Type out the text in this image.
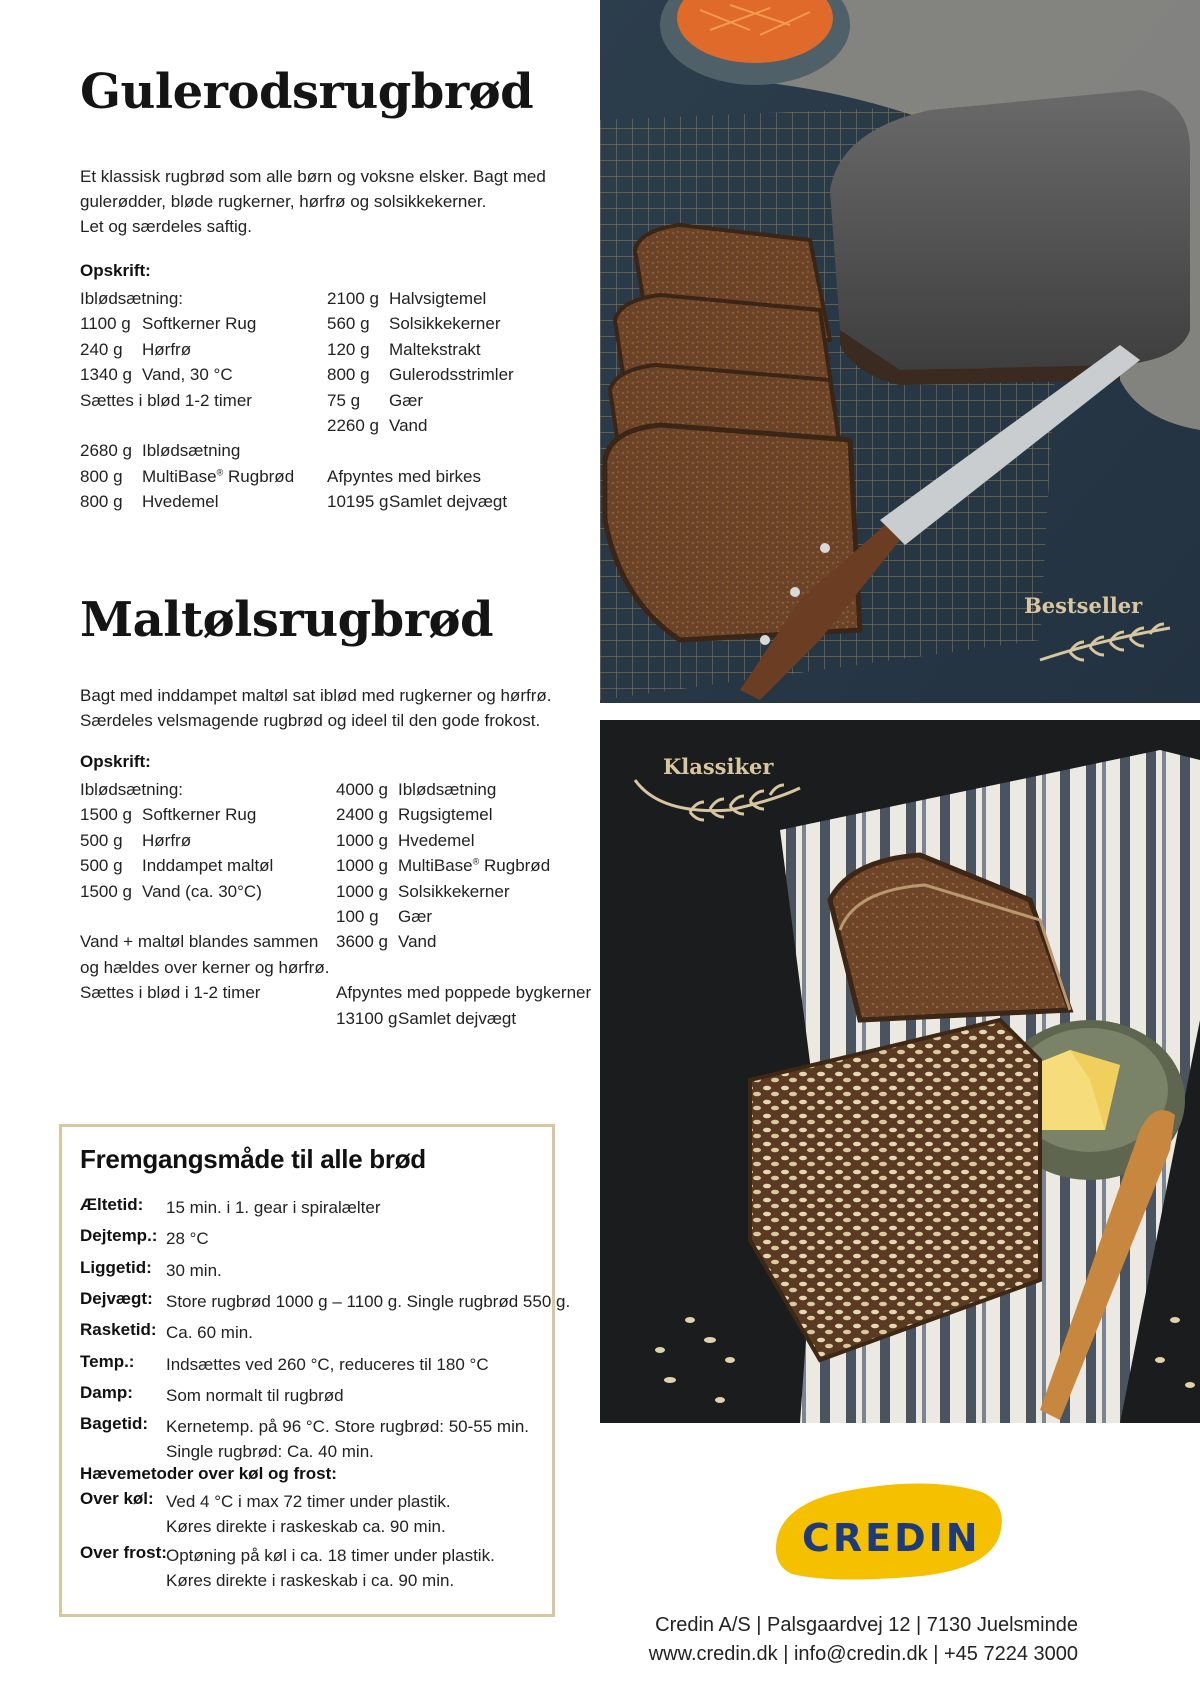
Gulerodsrugbrød
Et klassisk rugbrød som alle børn og voksne elsker. Bagt med
gulerødder, bløde rugkerner, hørfrø og solsikkekerner.
Let og særdeles saftig.
Opskrift:
Iblødsætning:
1100 g Softkerner Rug
240 g	Hørfrø
1340 g Vand, 30 °C
Sættes i blød 1-2 timer
2680 g Iblødsætning
800 g	MultiBase® Rugbrød
800 g	Hvedemel
2100 g Halvsigtemel
560 g	Solsikkekerner
120 g	Maltekstrakt
800 g	Gulerodsstrimler
75 g	Gær
2260 g Vand
Afpyntes med birkes
10195 g Samlet dejvægt
Maltølsrugbrød
Bagt med inddampet maltøl sat iblød med rugkerner og hørfrø.
Særdeles velsmagende rugbrød og ideel til den gode frokost.
Opskrift:
Iblødsætning:
1500 g Softkerner Rug
500 g	Hørfrø
500 g	Inddampet maltøl
1500 g Vand (ca. 30°C)
Vand + maltøl blandes sammen
og hældes over kerner og hørfrø.
Sættes i blød i 1-2 timer
4000 g Iblødsætning
2400 g Rugsigtemel
1000 g Hvedemel
1000 g MultiBase® Rugbrød
1000 g Solsikkekerner
100 g	Gær
3600 g Vand
Afpyntes med poppede bygkerner
13100 g Samlet dejvægt
Bestseller
Klassiker
Fremgangsmåde til alle brød
Æltetid: 15 min. i 1. gear i spiralælter
Dejtemp.: 28 °C
Liggetid: 30 min.
Dejvægt: Store rugbrød 1000 g – 1100 g. Single rugbrød 550 g.
Rasketid: Ca. 60 min.
Temp.: Indsættes ved 260 °C, reduceres til 180 °C
Damp: Som normalt til rugbrød
Bagetid: Kernetemp. på 96 °C. Store rugbrød: 50-55 min.
Single rugbrød: Ca. 40 min.
Hævemetoder over køl og frost:
Over køl: Ved 4 °C i max 72 timer under plastik.
Køres direkte i raskeskab ca. 90 min.
Over frost: Optøning på køl i ca. 18 timer under plastik.
Køres direkte i raskeskab i ca. 90 min.
CREDIN
Credin A/S | Palsgaardvej 12 | 7130 Juelsminde
www.credin.dk | info@credin.dk | +45 7224 3000
